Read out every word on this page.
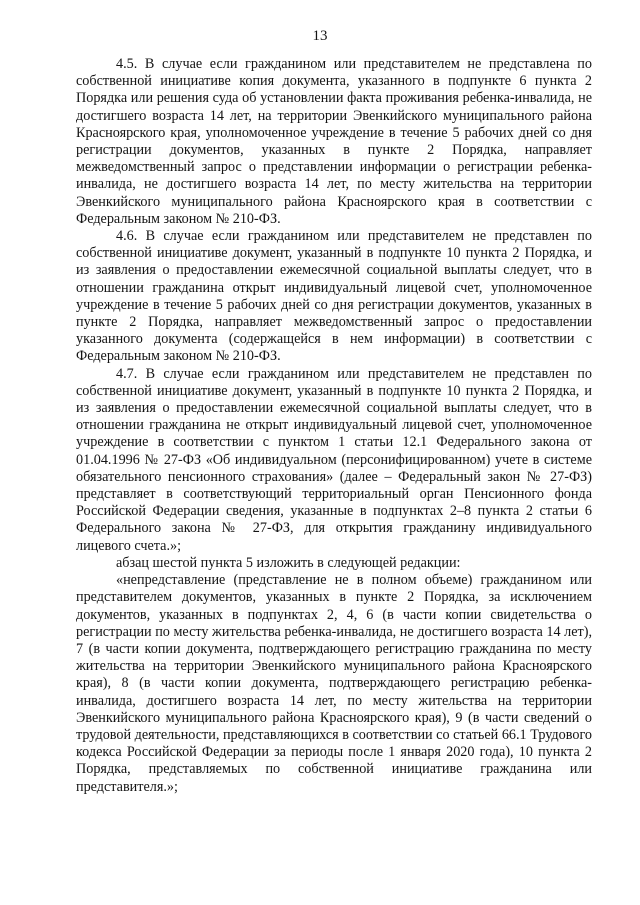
13

4.5. В случае если гражданином или представителем не представлена по собственной инициативе копия документа, указанного в подпункте 6 пункта 2 Порядка или решения суда об установлении факта проживания ребенка-инвалида, не достигшего возраста 14 лет, на территории Эвенкийского муниципального района Красноярского края, уполномоченное учреждение в течение 5 рабочих дней со дня регистрации документов, указанных в пункте 2 Порядка, направляет межведомственный запрос о представлении информации о регистрации ребенка-инвалида, не достигшего возраста 14 лет, по месту жительства на территории Эвенкийского муниципального района Красноярского края в соответствии с Федеральным законом № 210-ФЗ.

4.6. В случае если гражданином или представителем не представлен по собственной инициативе документ, указанный в подпункте 10 пункта 2 Порядка, и из заявления о предоставлении ежемесячной социальной выплаты следует, что в отношении гражданина открыт индивидуальный лицевой счет, уполномоченное учреждение в течение 5 рабочих дней со дня регистрации документов, указанных в пункте 2 Порядка, направляет межведомственный запрос о предоставлении указанного документа (содержащейся в нем информации) в соответствии с Федеральным законом № 210-ФЗ.

4.7. В случае если гражданином или представителем не представлен по собственной инициативе документ, указанный в подпункте 10 пункта 2 Порядка, и из заявления о предоставлении ежемесячной социальной выплаты следует, что в отношении гражданина не открыт индивидуальный лицевой счет, уполномоченное учреждение в соответствии с пунктом 1 статьи 12.1 Федерального закона от 01.04.1996 № 27-ФЗ «Об индивидуальном (персонифицированном) учете в системе обязательного пенсионного страхования» (далее – Федеральный закон № 27-ФЗ) представляет в соответствующий территориальный орган Пенсионного фонда Российской Федерации сведения, указанные в подпунктах 2–8 пункта 2 статьи 6 Федерального закона № 27-ФЗ, для открытия гражданину индивидуального лицевого счета.»;

абзац шестой пункта 5 изложить в следующей редакции:

«непредставление (представление не в полном объеме) гражданином или представителем документов, указанных в пункте 2 Порядка, за исключением документов, указанных в подпунктах 2, 4, 6 (в части копии свидетельства о регистрации по месту жительства ребенка-инвалида, не достигшего возраста 14 лет), 7 (в части копии документа, подтверждающего регистрацию гражданина по месту жительства на территории Эвенкийского муниципального района Красноярского края), 8 (в части копии документа, подтверждающего регистрацию ребенка-инвалида, достигшего возраста 14 лет, по месту жительства на территории Эвенкийского муниципального района Красноярского края), 9 (в части сведений о трудовой деятельности, представляющихся в соответствии со статьей 66.1 Трудового кодекса Российской Федерации за периоды после 1 января 2020 года), 10 пункта 2 Порядка, представляемых по собственной инициативе гражданина или представителя.»;
